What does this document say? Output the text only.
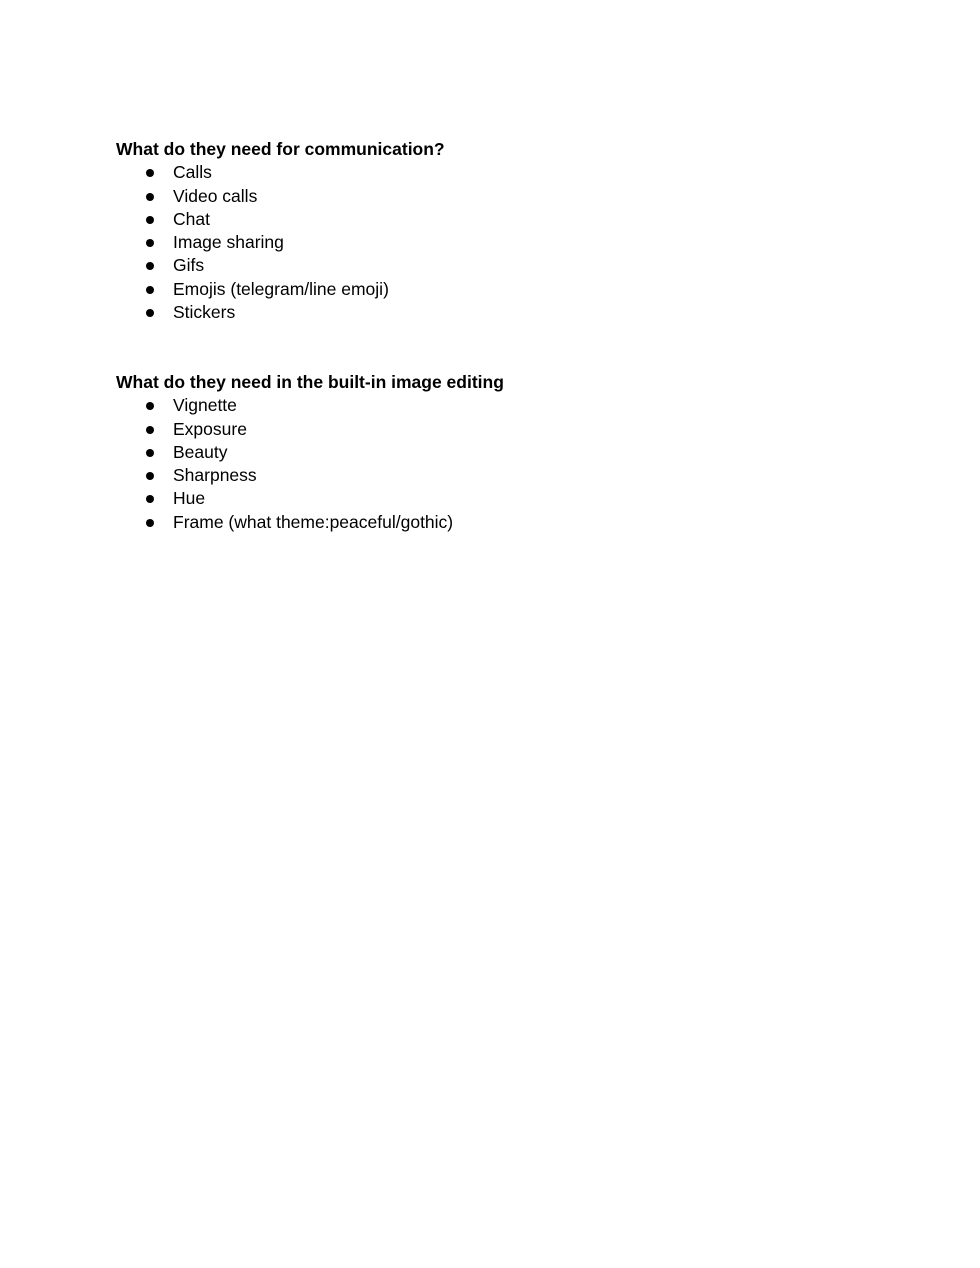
What do they need for communication?

Calls
Video calls
Chat
Image sharing
Gifs
Emojis (telegram/line emoji)
Stickers

What do they need in the built-in image editing

Vignette
Exposure
Beauty
Sharpness
Hue
Frame (what theme:peaceful/gothic)
